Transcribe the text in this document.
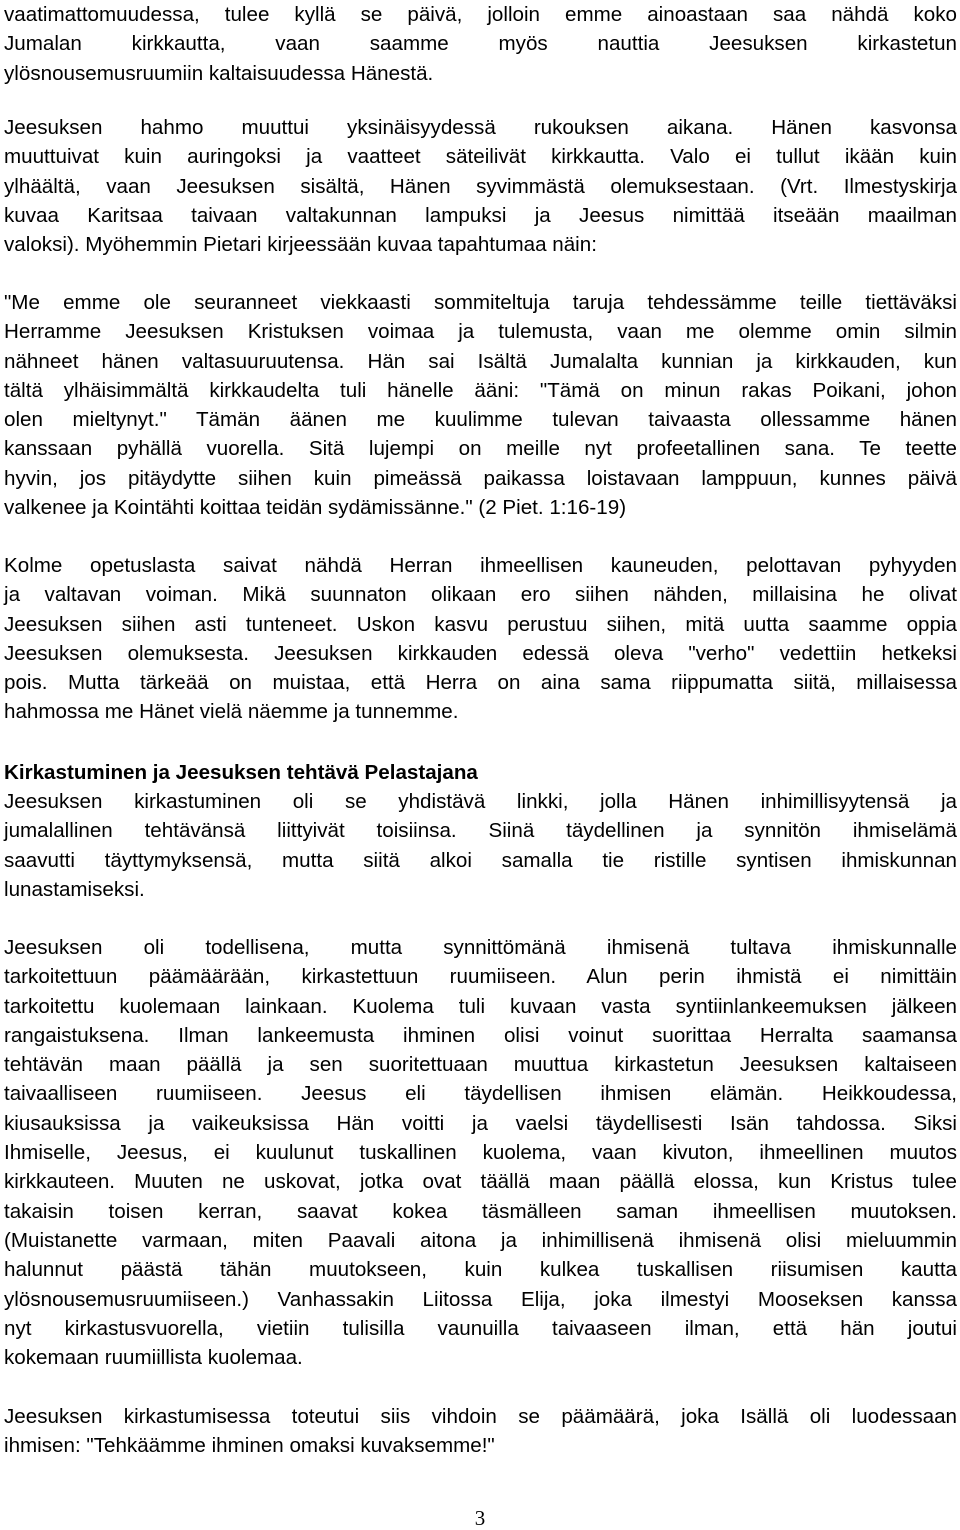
vaatimattomuudessa, tulee kyllä se päivä, jolloin emme ainoastaan saa nähdä koko
Jumalan kirkkautta, vaan saamme myös nauttia Jeesuksen kirkastetun
ylösnousemusruumiin kaltaisuudessa Hänestä.

Jeesuksen hahmo muuttui yksinäisyydessä rukouksen aikana. Hänen kasvonsa
muuttuivat kuin auringoksi ja vaatteet säteilivät kirkkautta. Valo ei tullut ikään kuin
ylhäältä, vaan Jeesuksen sisältä, Hänen syvimmästä olemuksestaan. (Vrt. Ilmestyskirja
kuvaa Karitsaa taivaan valtakunnan lampuksi ja Jeesus nimittää itseään maailman
valoksi). Myöhemmin Pietari kirjeessään kuvaa tapahtumaa näin:

"Me emme ole seuranneet viekkaasti sommiteltuja taruja tehdessämme teille tiettäväksi
Herramme Jeesuksen Kristuksen voimaa ja tulemusta, vaan me olemme omin silmin
nähneet hänen valtasuuruutensa. Hän sai Isältä Jumalalta kunnian ja kirkkauden, kun
tältä ylhäisimmältä kirkkaudelta tuli hänelle ääni: "Tämä on minun rakas Poikani, johon
olen mieltynyt." Tämän äänen me kuulimme tulevan taivaasta ollessamme hänen
kanssaan pyhällä vuorella. Sitä lujempi on meille nyt profeetallinen sana. Te teette
hyvin, jos pitäydytte siihen kuin pimeässä paikassa loistavaan lamppuun, kunnes päivä
valkenee ja Kointähti koittaa teidän sydämissänne." (2 Piet. 1:16-19)

Kolme opetuslasta saivat nähdä Herran ihmeellisen kauneuden, pelottavan pyhyyden
ja valtavan voiman. Mikä suunnaton olikaan ero siihen nähden, millaisina he olivat
Jeesuksen siihen asti tunteneet. Uskon kasvu perustuu siihen, mitä uutta saamme oppia
Jeesuksen olemuksesta. Jeesuksen kirkkauden edessä oleva "verho" vedettiin hetkeksi
pois. Mutta tärkeää on muistaa, että Herra on aina sama riippumatta siitä, millaisessa
hahmossa me Hänet vielä näemme ja tunnemme.

Kirkastuminen ja Jeesuksen tehtävä Pelastajana

Jeesuksen kirkastuminen oli se yhdistävä linkki, jolla Hänen inhimillisyytensä ja
jumalallinen tehtävänsä liittyivät toisiinsa. Siinä täydellinen ja synnitön ihmiselämä
saavutti täyttymyksensä, mutta siitä alkoi samalla tie ristille syntisen ihmiskunnan
lunastamiseksi.

Jeesuksen oli todellisena, mutta synnittömänä ihmisenä tultava ihmiskunnalle
tarkoitettuun päämäärään, kirkastettuun ruumiiseen. Alun perin ihmistä ei nimittäin
tarkoitettu kuolemaan lainkaan. Kuolema tuli kuvaan vasta syntiinlankeemuksen jälkeen
rangaistuksena. Ilman lankeemusta ihminen olisi voinut suorittaa Herralta saamansa
tehtävän maan päällä ja sen suoritettuaan muuttua kirkastetun Jeesuksen kaltaiseen
taivaalliseen ruumiiseen. Jeesus eli täydellisen ihmisen elämän. Heikkoudessa,
kiusauksissa ja vaikeuksissa Hän voitti ja vaelsi täydellisesti Isän tahdossa. Siksi
Ihmiselle, Jeesus, ei kuulunut tuskallinen kuolema, vaan kivuton, ihmeellinen muutos
kirkkauteen. Muuten ne uskovat, jotka ovat täällä maan päällä elossa, kun Kristus tulee
takaisin toisen kerran, saavat kokea täsmälleen saman ihmeellisen muutoksen.
(Muistanette varmaan, miten Paavali aitona ja inhimillisenä ihmisenä olisi mieluummin
halunnut päästä tähän muutokseen, kuin kulkea tuskallisen riisumisen kautta
ylösnousemusruumiiseen.) Vanhassakin Liitossa Elija, joka ilmestyi Mooseksen kanssa
nyt kirkastusvuorella, vietiin tulisilla vaunuilla taivaaseen ilman, että hän joutui
kokemaan ruumiillista kuolemaa.

Jeesuksen kirkastumisessa toteutui siis vihdoin se päämäärä, joka Isällä oli luodessaan
ihmisen: "Tehkäämme ihminen omaksi kuvaksemme!"

3
